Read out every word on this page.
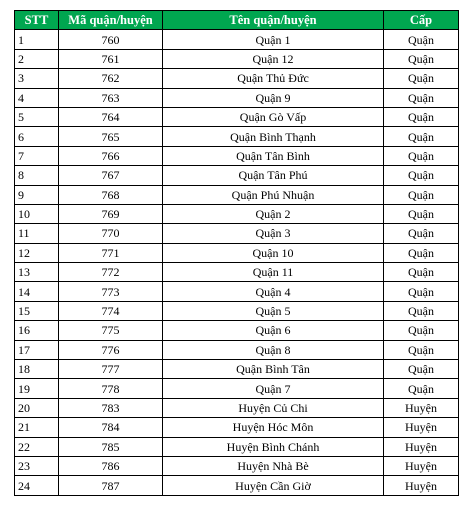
STT	Mã quận/huyện	Tên quận/huyện	Cấp
1	760	Quận 1	Quận
2	761	Quận 12	Quận
3	762	Quận Thủ Đức	Quận
4	763	Quận 9	Quận
5	764	Quận Gò Vấp	Quận
6	765	Quận Bình Thạnh	Quận
7	766	Quận Tân Bình	Quận
8	767	Quận Tân Phú	Quận
9	768	Quận Phú Nhuận	Quận
10	769	Quận 2	Quận
11	770	Quận 3	Quận
12	771	Quận 10	Quận
13	772	Quận 11	Quận
14	773	Quận 4	Quận
15	774	Quận 5	Quận
16	775	Quận 6	Quận
17	776	Quận 8	Quận
18	777	Quận Bình Tân	Quận
19	778	Quận 7	Quận
20	783	Huyện Củ Chi	Huyện
21	784	Huyện Hóc Môn	Huyện
22	785	Huyện Bình Chánh	Huyện
23	786	Huyện Nhà Bè	Huyện
24	787	Huyện Cần Giờ	Huyện
